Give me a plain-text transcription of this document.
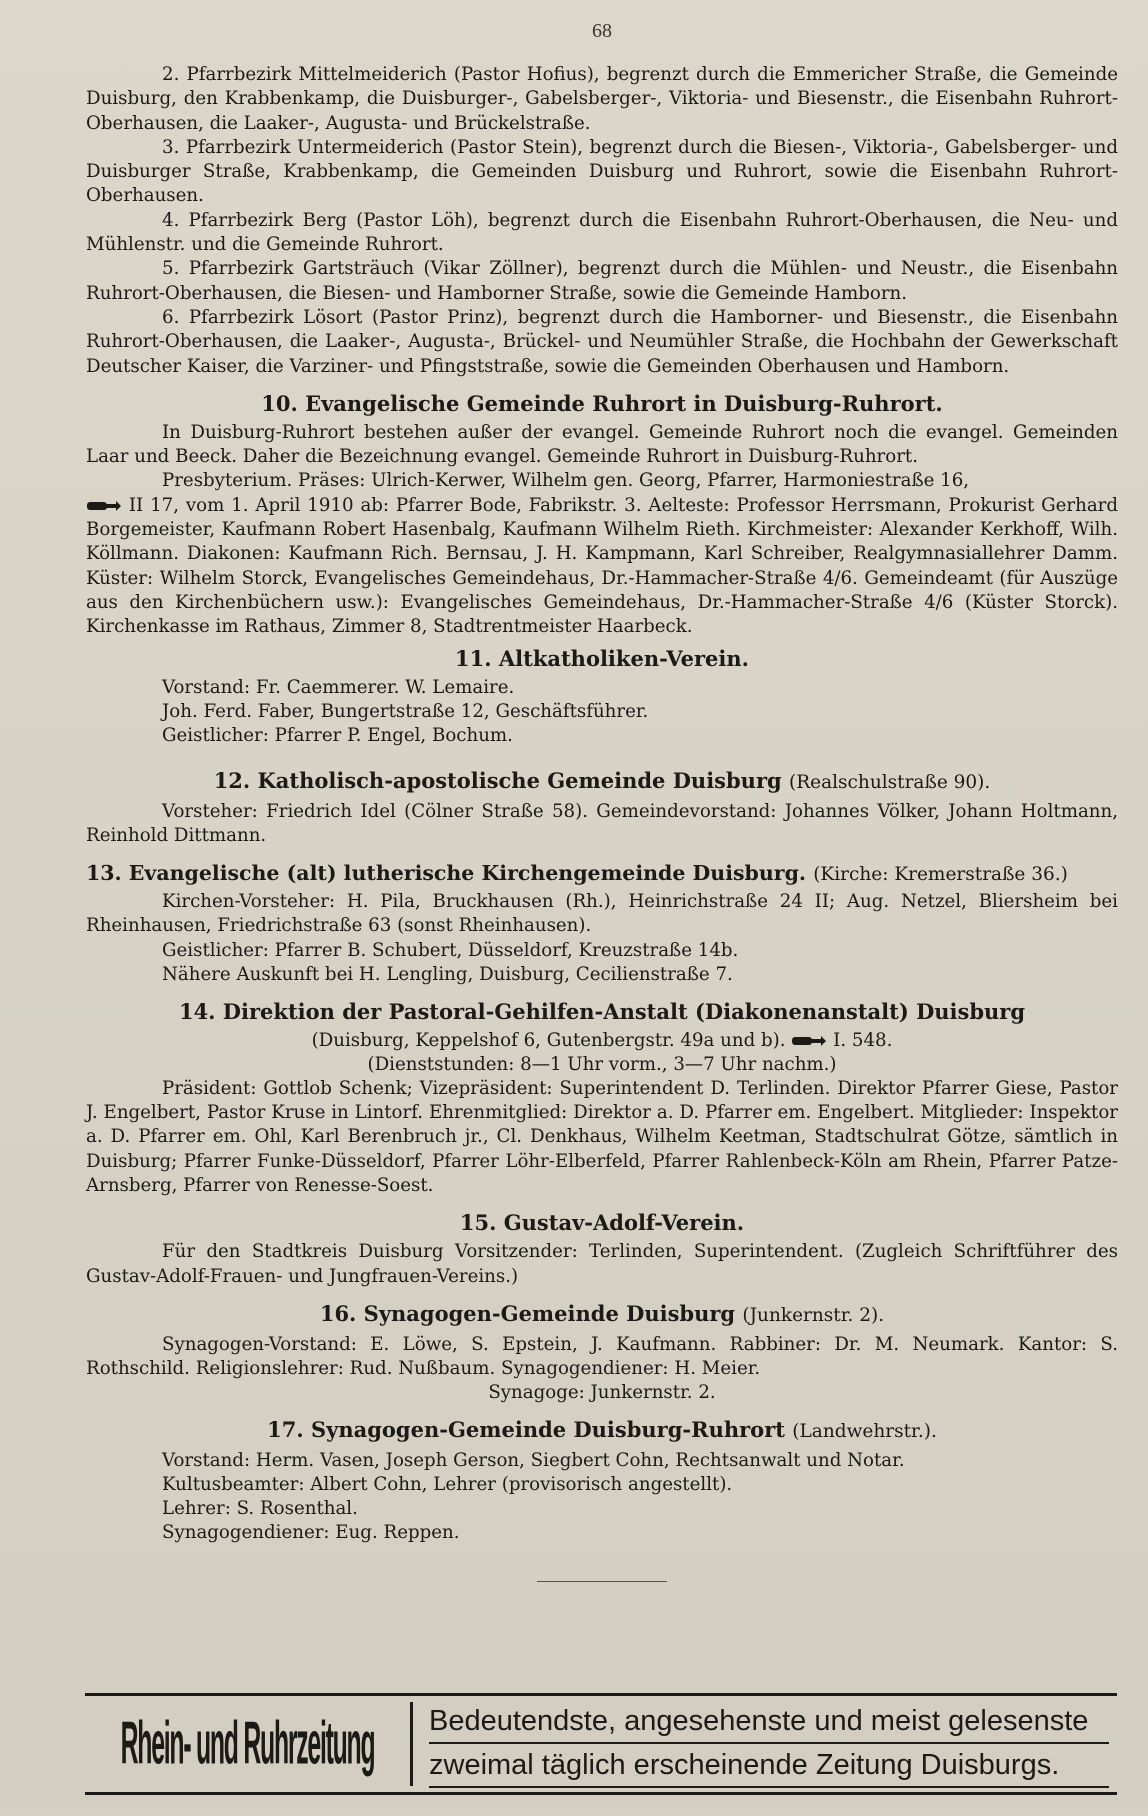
68

2. Pfarrbezirk Mittelmeiderich (Pastor Hofius), begrenzt durch die Emmericher Straße, die Gemeinde Duisburg, den Krabbenkamp, die Duisburger-, Gabelsberger-, Viktoria- und Biesenstr., die Eisenbahn Ruhrort-Oberhausen, die Laaker-, Augusta- und Brückelstraße.

3. Pfarrbezirk Untermeiderich (Pastor Stein), begrenzt durch die Biesen-, Viktoria-, Gabelsberger- und Duisburger Straße, Krabbenkamp, die Gemeinden Duisburg und Ruhrort, sowie die Eisenbahn Ruhrort-Oberhausen.

4. Pfarrbezirk Berg (Pastor Löh), begrenzt durch die Eisenbahn Ruhrort-Oberhausen, die Neu- und Mühlenstr. und die Gemeinde Ruhrort.

5. Pfarrbezirk Gartsträuch (Vikar Zöllner), begrenzt durch die Mühlen- und Neustr., die Eisenbahn Ruhrort-Oberhausen, die Biesen- und Hamborner Straße, sowie die Gemeinde Hamborn.

6. Pfarrbezirk Lösort (Pastor Prinz), begrenzt durch die Hamborner- und Biesenstr., die Eisenbahn Ruhrort-Oberhausen, die Laaker-, Augusta-, Brückel- und Neumühler Straße, die Hochbahn der Gewerkschaft Deutscher Kaiser, die Varziner- und Pfingststraße, sowie die Gemeinden Oberhausen und Hamborn.

10. Evangelische Gemeinde Ruhrort in Duisburg-Ruhrort.

In Duisburg-Ruhrort bestehen außer der evangel. Gemeinde Ruhrort noch die evangel. Gemeinden Laar und Beeck. Daher die Bezeichnung evangel. Gemeinde Ruhrort in Duisburg-Ruhrort.

Presbyterium. Präses: Ulrich-Kerwer, Wilhelm gen. Georg, Pfarrer, Harmoniestraße 16,

II 17, vom 1. April 1910 ab: Pfarrer Bode, Fabrikstr. 3. Aelteste: Professor Herrsmann, Prokurist Gerhard Borgemeister, Kaufmann Robert Hasenbalg, Kaufmann Wilhelm Rieth. Kirchmeister: Alexander Kerkhoff, Wilh. Köllmann. Diakonen: Kaufmann Rich. Bernsau, J. H. Kampmann, Karl Schreiber, Realgymnasiallehrer Damm. Küster: Wilhelm Storck, Evangelisches Gemeindehaus, Dr.-Hammacher-Straße 4/6. Gemeindeamt (für Auszüge aus den Kirchenbüchern usw.): Evangelisches Gemeindehaus, Dr.-Hammacher-Straße 4/6 (Küster Storck). Kirchenkasse im Rathaus, Zimmer 8, Stadtrentmeister Haarbeck.

11. Altkatholiken-Verein.

Vorstand: Fr. Caemmerer. W. Lemaire.

Joh. Ferd. Faber, Bungertstraße 12, Geschäftsführer.

Geistlicher: Pfarrer P. Engel, Bochum.

12. Katholisch-apostolische Gemeinde Duisburg (Realschulstraße 90).

Vorsteher: Friedrich Idel (Cölner Straße 58). Gemeindevorstand: Johannes Völker, Johann Holtmann, Reinhold Dittmann.

13. Evangelische (alt) lutherische Kirchengemeinde Duisburg. (Kirche: Kremerstraße 36.)

Kirchen-Vorsteher: H. Pila, Bruckhausen (Rh.), Heinrichstraße 24 II; Aug. Netzel, Bliersheim bei Rheinhausen, Friedrichstraße 63 (sonst Rheinhausen).

Geistlicher: Pfarrer B. Schubert, Düsseldorf, Kreuzstraße 14b.

Nähere Auskunft bei H. Lengling, Duisburg, Cecilienstraße 7.

14. Direktion der Pastoral-Gehilfen-Anstalt (Diakonenanstalt) Duisburg

(Duisburg, Keppelshof 6, Gutenbergstr. 49a und b).	I. 548.

(Dienststunden: 8—1 Uhr vorm., 3—7 Uhr nachm.)

Präsident: Gottlob Schenk; Vizepräsident: Superintendent D. Terlinden. Direktor Pfarrer Giese, Pastor J. Engelbert, Pastor Kruse in Lintorf. Ehrenmitglied: Direktor a. D. Pfarrer em. Engelbert. Mitglieder: Inspektor a. D. Pfarrer em. Ohl, Karl Berenbruch jr., Cl. Denkhaus, Wilhelm Keetman, Stadtschulrat Götze, sämtlich in Duisburg; Pfarrer Funke-Düsseldorf, Pfarrer Löhr-Elberfeld, Pfarrer Rahlenbeck-Köln am Rhein, Pfarrer Patze-Arnsberg, Pfarrer von Renesse-Soest.

15. Gustav-Adolf-Verein.

Für den Stadtkreis Duisburg Vorsitzender: Terlinden, Superintendent. (Zugleich Schriftführer des Gustav-Adolf-Frauen- und Jungfrauen-Vereins.)

16. Synagogen-Gemeinde Duisburg (Junkernstr. 2).

Synagogen-Vorstand: E. Löwe, S. Epstein, J. Kaufmann. Rabbiner: Dr. M. Neumark. Kantor: S. Rothschild. Religionslehrer: Rud. Nußbaum. Synagogendiener: H. Meier.

Synagoge: Junkernstr. 2.

17. Synagogen-Gemeinde Duisburg-Ruhrort (Landwehrstr.).

Vorstand: Herm. Vasen, Joseph Gerson, Siegbert Cohn, Rechtsanwalt und Notar.

Kultusbeamter: Albert Cohn, Lehrer (provisorisch angestellt).

Lehrer: S. Rosenthal.

Synagogendiener: Eug. Reppen.

Rhein- und Ruhrzeitung Bedeutendste, angesehenste und meist gelesenste
zweimal täglich erscheinende Zeitung Duisburgs.
